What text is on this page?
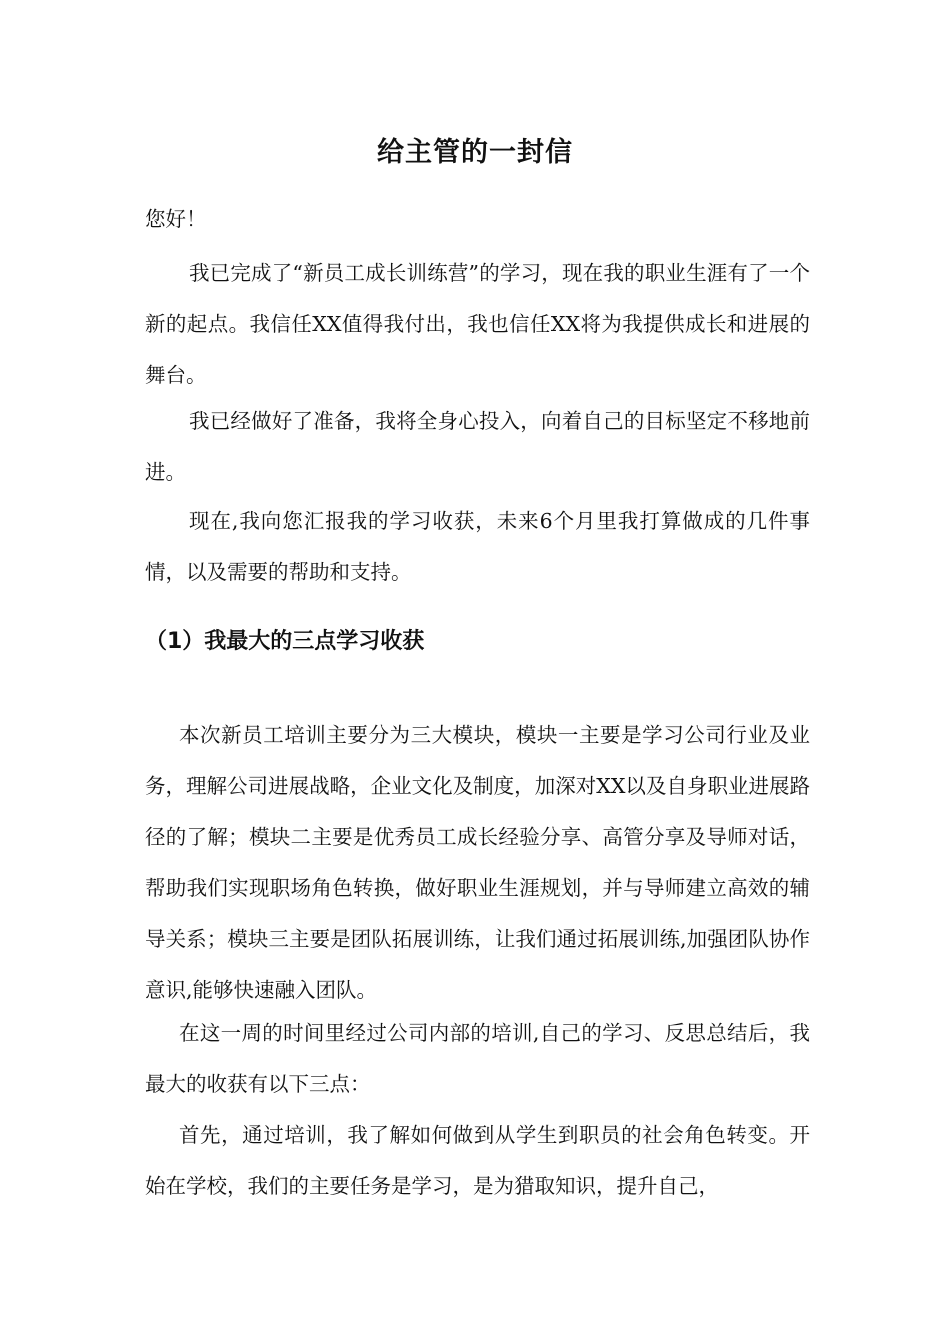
给主管的一封信

您好！

我已完成了“新员工成长训练营”的学习，现在我的职业生涯有了一个新的起点。我信任XX值得我付出，我也信任XX将为我提供成长和进展的舞台。

我已经做好了准备，我将全身心投入，向着自己的目标坚定不移地前进。

现在,我向您汇报我的学习收获，未来6个月里我打算做成的几件事情，以及需要的帮助和支持。

（1）我最大的三点学习收获

本次新员工培训主要分为三大模块，模块一主要是学习公司行业及业务，理解公司进展战略，企业文化及制度，加深对XX以及自身职业进展路径的了解；模块二主要是优秀员工成长经验分享、高管分享及导师对话，帮助我们实现职场角色转换，做好职业生涯规划，并与导师建立高效的辅导关系；模块三主要是团队拓展训练，让我们通过拓展训练,加强团队协作意识,能够快速融入团队。

在这一周的时间里经过公司内部的培训,自己的学习、反思总结后，我最大的收获有以下三点：

首先，通过培训，我了解如何做到从学生到职员的社会角色转变。开始在学校，我们的主要任务是学习，是为猎取知识，提升自己，
